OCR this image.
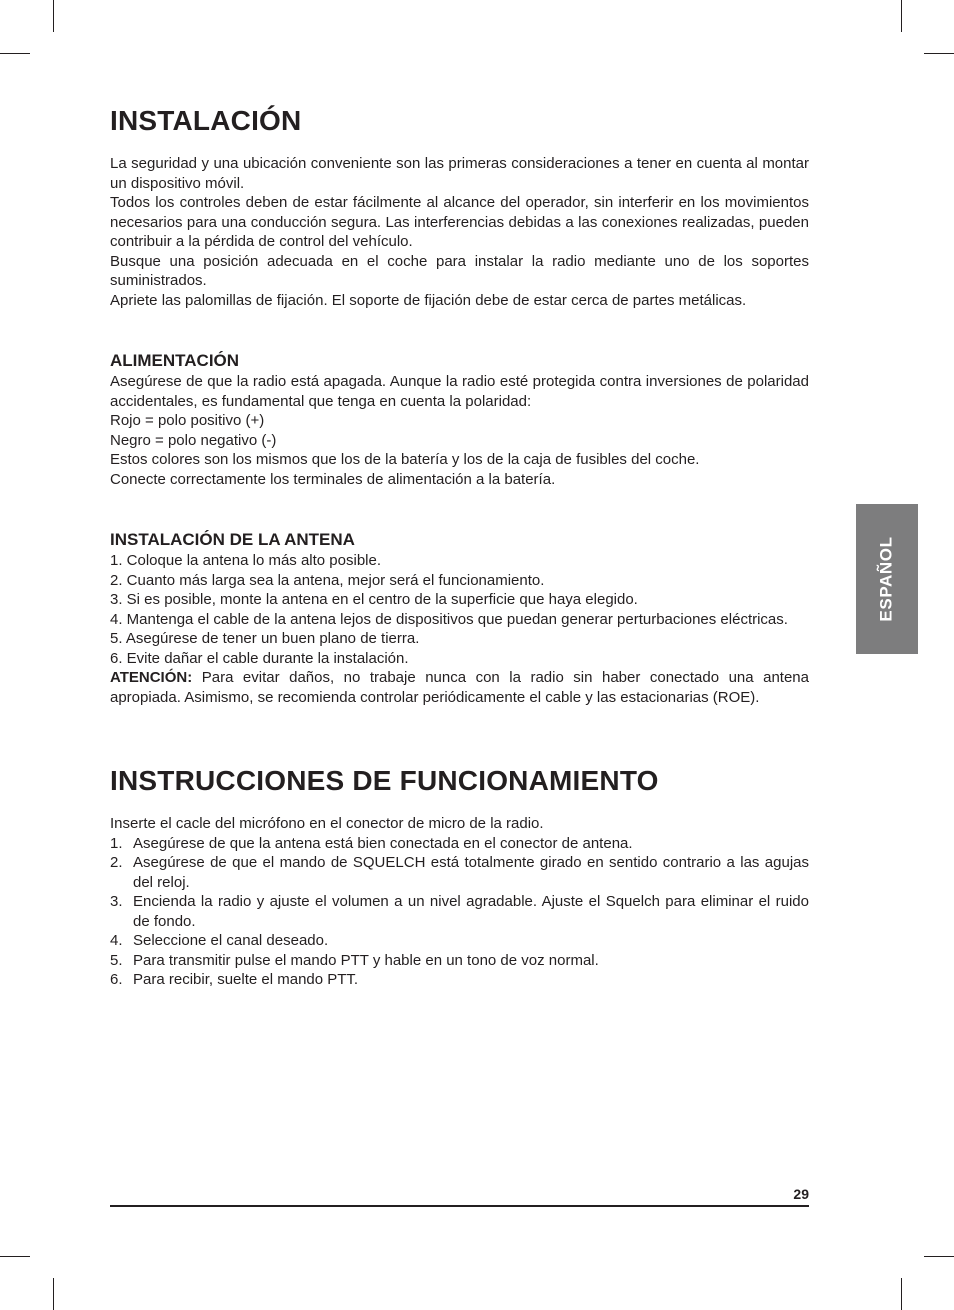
INSTALACIÓN

La seguridad y una ubicación conveniente son las primeras consideraciones a tener en cuenta al montar un dispositivo móvil.

Todos los controles deben de estar fácilmente al alcance del operador, sin interferir en los movimientos necesarios para una conducción segura. Las interferencias debidas a las conexiones realizadas, pueden contribuir a la pérdida de control del vehículo.

Busque una posición adecuada en el coche para instalar la radio mediante uno de los soportes suministrados.

Apriete las palomillas de fijación. El soporte de fijación debe de estar cerca de partes metálicas.

ALIMENTACIÓN

Asegúrese de que la radio está apagada. Aunque la radio esté protegida contra inversiones de polaridad accidentales, es fundamental que tenga en cuenta la polaridad:

Rojo = polo positivo (+)

Negro = polo negativo (-)

Estos colores son los mismos que los de la batería y los de la caja de fusibles del coche.

Conecte correctamente los terminales de alimentación a la batería.

INSTALACIÓN DE LA ANTENA

1. Coloque la antena lo más alto posible.

2. Cuanto más larga sea la antena, mejor será el funcionamiento.

3. Si es posible, monte la antena en el centro de la superficie que haya elegido.

4. Mantenga el cable de la antena lejos de dispositivos que puedan generar perturbaciones eléctricas.

5. Asegúrese de tener un buen plano de tierra.

6. Evite dañar el cable durante la instalación.

ATENCIÓN: Para evitar daños, no trabaje nunca con la radio sin haber conectado una antena apropiada. Asimismo, se recomienda controlar periódicamente el cable y las estacionarias (ROE).

INSTRUCCIONES DE FUNCIONAMIENTO

Inserte el cacle del micrófono en el conector de micro de la radio.

1. Asegúrese de que la antena está bien conectada en el conector de antena.
2. Asegúrese de que el mando de SQUELCH está totalmente girado en sentido contrario a las agujas del reloj.
3. Encienda la radio y ajuste el volumen a un nivel agradable. Ajuste el Squelch para eliminar el ruido de fondo.
4. Seleccione el canal deseado.
5. Para transmitir pulse el mando PTT y hable en un tono de voz normal.
6. Para recibir, suelte el mando PTT.
ESPAÑOL
29
